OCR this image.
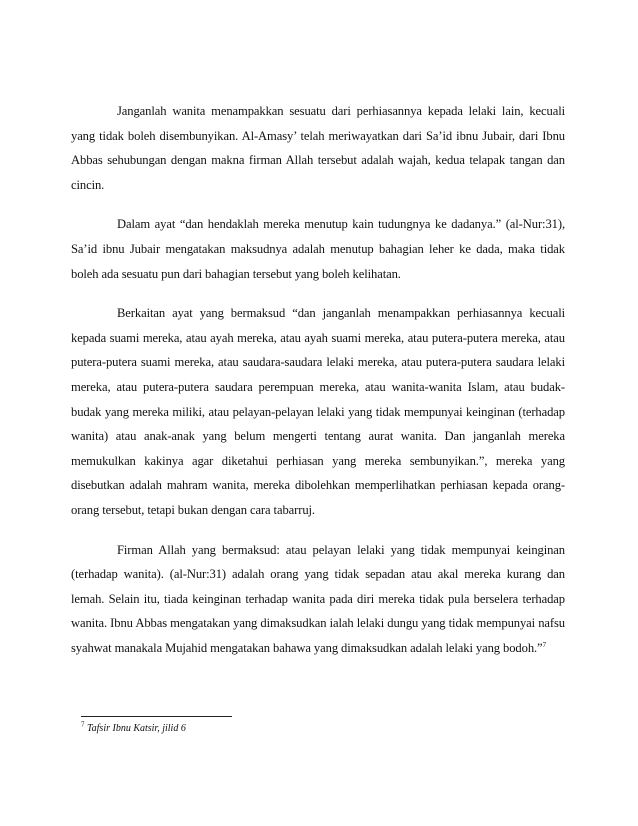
Janganlah wanita menampakkan sesuatu dari perhiasannya kepada lelaki lain, kecuali yang tidak boleh disembunyikan. Al-Amasy’ telah meriwayatkan dari Sa’id ibnu Jubair, dari Ibnu Abbas sehubungan dengan makna firman Allah tersebut adalah wajah, kedua telapak tangan dan cincin.

Dalam ayat “dan hendaklah mereka menutup kain tudungnya ke dadanya.” (al-Nur:31), Sa’id ibnu Jubair mengatakan maksudnya adalah menutup bahagian leher ke dada, maka tidak boleh ada sesuatu pun dari bahagian tersebut yang boleh kelihatan.

Berkaitan ayat yang bermaksud “dan janganlah menampakkan perhiasannya kecuali kepada suami mereka, atau ayah mereka, atau ayah suami mereka, atau putera-putera mereka, atau putera-putera suami mereka, atau saudara-saudara lelaki mereka, atau putera-putera saudara lelaki mereka, atau putera-putera saudara perempuan mereka, atau wanita-wanita Islam, atau budak-budak yang mereka miliki, atau pelayan-pelayan lelaki yang tidak mempunyai keinginan (terhadap wanita) atau anak-anak yang belum mengerti tentang aurat wanita. Dan janganlah mereka memukulkan kakinya agar diketahui perhiasan yang mereka sembunyikan.”, mereka yang disebutkan adalah mahram wanita, mereka dibolehkan memperlihatkan perhiasan kepada orang-orang tersebut, tetapi bukan dengan cara tabarruj.

Firman Allah yang bermaksud: atau pelayan lelaki yang tidak mempunyai keinginan (terhadap wanita). (al-Nur:31) adalah orang yang tidak sepadan atau akal mereka kurang dan lemah. Selain itu, tiada keinginan terhadap wanita pada diri mereka tidak pula berselera terhadap wanita. Ibnu Abbas mengatakan yang dimaksudkan ialah lelaki dungu yang tidak mempunyai nafsu syahwat manakala Mujahid mengatakan bahawa yang dimaksudkan adalah lelaki yang bodoh.”$^7$

$^7$ Tafsir Ibnu Katsir, jilid 6
